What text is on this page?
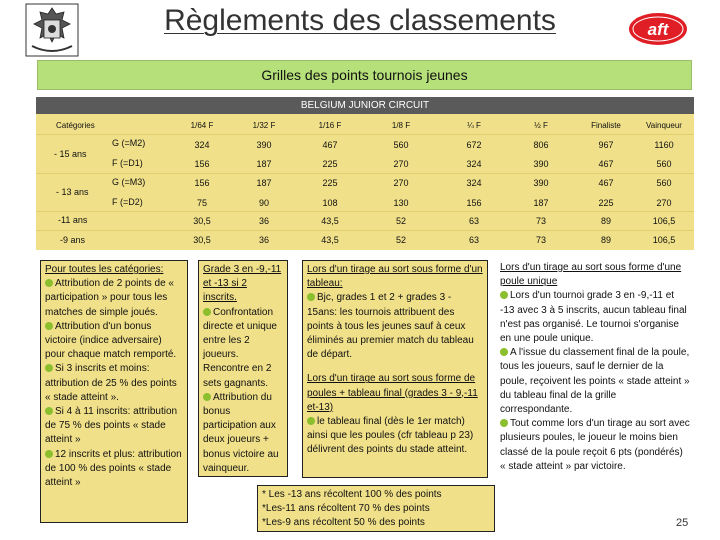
aft
Règlements des classements
Grilles des points tournois jeunes
BELGIUM JUNIOR CIRCUIT
Catégories	1/64 F	1/32 F	1/16 F	1/8 F	¼ F	½ F	Finaliste	Vainqueur
- 15 ans
G (=M2)	324	390	467	560	672	806	967	1160
F (=D1)	156	187	225	270	324	390	467	560
- 13 ans
G (=M3)	156	187	225	270	324	390	467	560
F (=D2)	75	90	108	130	156	187	225	270
-11 ans	30,5	36	43,5	52	63	73	89	106,5
-9 ans	30,5	36	43,5	52	63	73	89	106,5

Pour toutes les catégories:

Attribution de 2 points de « participation » pour tous les matches de simple joués.

Attribution d'un bonus victoire (indice adversaire) pour chaque match remporté.

Si 3 inscrits et moins: attribution de 25 % des points « stade atteint ».

Si 4 à 11 inscrits: attribution de 75 % des points « stade atteint »

12 inscrits et plus: attribution de 100 % des points « stade atteint »

Grade 3 en -9,-11 et -13 si 2 inscrits.

Confrontation directe et unique entre les 2 joueurs. Rencontre en 2 sets gagnants.

Attribution du bonus participation aux deux joueurs + bonus victoire au vainqueur.

Lors d'un tirage au sort sous forme d'un tableau:

Bjc, grades 1 et 2 + grades 3 - 15ans: les tournois attribuent des points à tous les jeunes sauf à ceux éliminés au premier match du tableau de départ.

Lors d'un tirage au sort sous forme de poules + tableau final (grades 3 - 9,-11 et-13)

le tableau final (dès le 1er match) ainsi que les poules (cfr tableau p 23) délivrent des points du stade atteint.

* Les -13 ans récoltent 100 % des points

*Les-11 ans récoltent 70 % des points

*Les-9 ans récoltent 50 % des points

Lors d'un tirage au sort sous forme d'une poule unique

Lors d'un tournoi grade 3 en -9,-11 et -13 avec 3 à 5 inscrits, aucun tableau final n'est pas organisé. Le tournoi s'organise en une poule unique.

A l'issue du classement final de la poule, tous les joueurs, sauf le dernier de la poule, reçoivent les points « stade atteint » du tableau final de la grille correspondante.

Tout comme lors d'un tirage au sort avec plusieurs poules, le joueur le moins bien classé de la poule reçoit 6 pts (pondérés) « stade atteint » par victoire.

25
